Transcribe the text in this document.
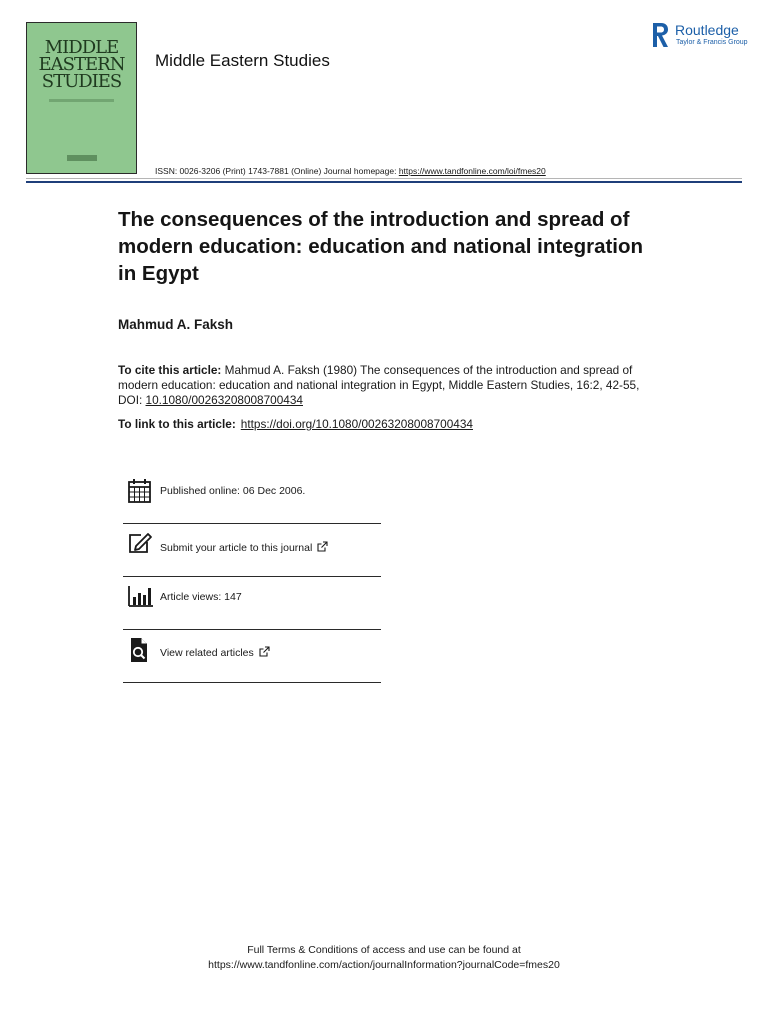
MIDDLE
EASTERN
STUDIES
Middle Eastern Studies
Routledge
Taylor & Francis Group
ISSN: 0026-3206 (Print) 1743-7881 (Online) Journal homepage: https://www.tandfonline.com/loi/fmes20
The consequences of the introduction and spread of modern education: education and national integration in Egypt
Mahmud A. Faksh
To cite this article: Mahmud A. Faksh (1980) The consequences of the introduction and spread of modern education: education and national integration in Egypt, Middle Eastern Studies, 16:2, 42-55, DOI: 10.1080/00263208008700434
To link to this article: https://doi.org/10.1080/00263208008700434
Published online: 06 Dec 2006.
Submit your article to this journal
Article views: 147
View related articles
Full Terms & Conditions of access and use can be found at
https://www.tandfonline.com/action/journalInformation?journalCode=fmes20
